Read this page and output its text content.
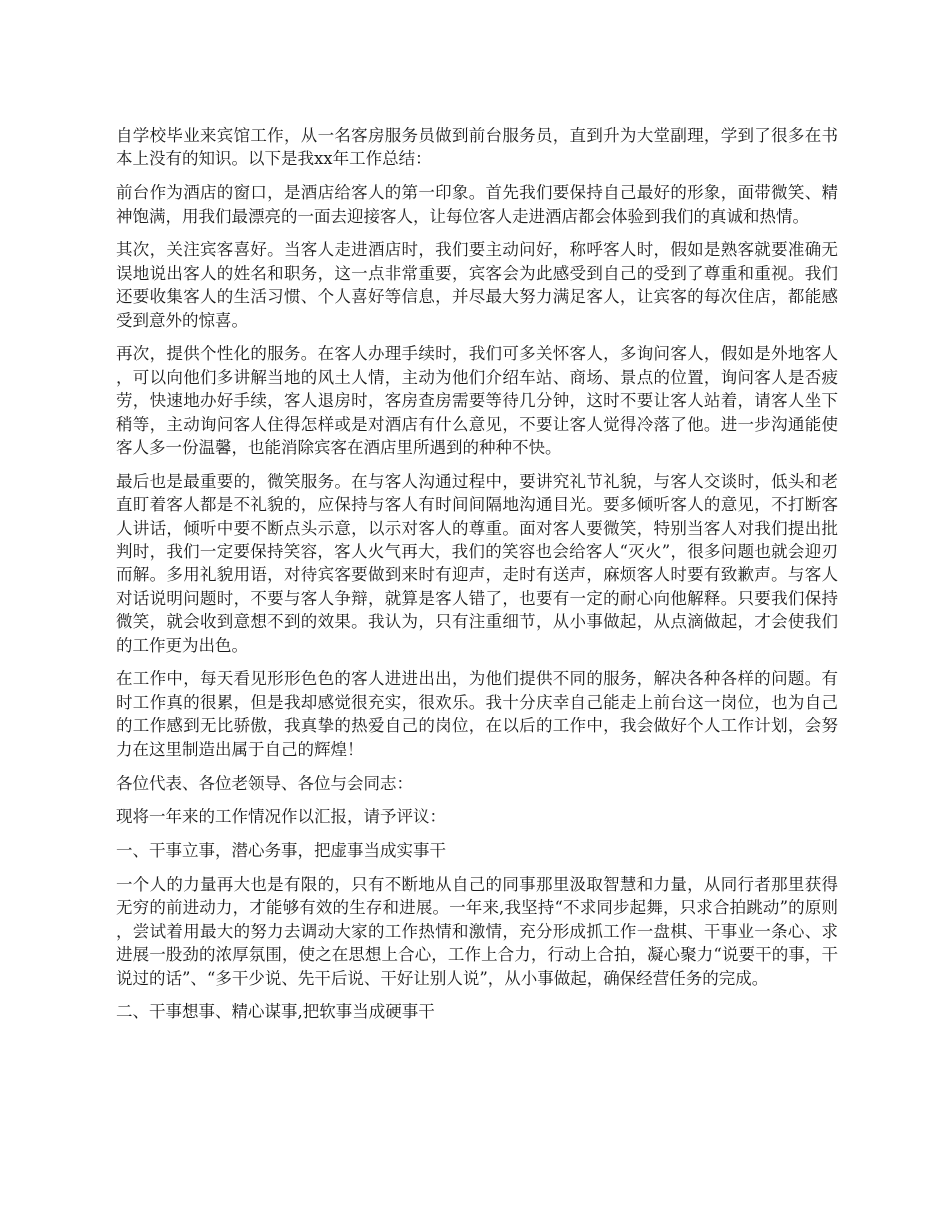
自学校毕业来宾馆工作，从一名客房服务员做到前台服务员，直到升为大堂副理，学到了很多在书本上没有的知识。以下是我xx年工作总结：

前台作为酒店的窗口，是酒店给客人的第一印象。首先我们要保持自己最好的形象，面带微笑、精神饱满，用我们最漂亮的一面去迎接客人，让每位客人走进酒店都会体验到我们的真诚和热情。

其次，关注宾客喜好。当客人走进酒店时，我们要主动问好，称呼客人时，假如是熟客就要准确无误地说出客人的姓名和职务，这一点非常重要，宾客会为此感受到自己的受到了尊重和重视。我们还要收集客人的生活习惯、个人喜好等信息，并尽最大努力满足客人，让宾客的每次住店，都能感受到意外的惊喜。

再次，提供个性化的服务。在客人办理手续时，我们可多关怀客人，多询问客人，假如是外地客人，可以向他们多讲解当地的风土人情，主动为他们介绍车站、商场、景点的位置，询问客人是否疲劳，快速地办好手续，客人退房时，客房查房需要等待几分钟，这时不要让客人站着，请客人坐下稍等，主动询问客人住得怎样或是对酒店有什么意见，不要让客人觉得冷落了他。进一步沟通能使客人多一份温馨，也能消除宾客在酒店里所遇到的种种不快。

最后也是最重要的，微笑服务。在与客人沟通过程中，要讲究礼节礼貌，与客人交谈时，低头和老直盯着客人都是不礼貌的，应保持与客人有时间间隔地沟通目光。要多倾听客人的意见，不打断客人讲话，倾听中要不断点头示意，以示对客人的尊重。面对客人要微笑，特别当客人对我们提出批判时，我们一定要保持笑容，客人火气再大，我们的笑容也会给客人“灭火”，很多问题也就会迎刃而解。多用礼貌用语，对待宾客要做到来时有迎声，走时有送声，麻烦客人时要有致歉声。与客人对话说明问题时，不要与客人争辩，就算是客人错了，也要有一定的耐心向他解释。只要我们保持微笑，就会收到意想不到的效果。我认为，只有注重细节，从小事做起，从点滴做起，才会使我们的工作更为出色。

在工作中，每天看见形形色色的客人进进出出，为他们提供不同的服务，解决各种各样的问题。有时工作真的很累，但是我却感觉很充实，很欢乐。我十分庆幸自己能走上前台这一岗位，也为自己的工作感到无比骄傲，我真挚的热爱自己的岗位，在以后的工作中，我会做好个人工作计划，会努力在这里制造出属于自己的辉煌！

各位代表、各位老领导、各位与会同志：

现将一年来的工作情况作以汇报，请予评议：

一、干事立事，潜心务事，把虚事当成实事干

一个人的力量再大也是有限的，只有不断地从自己的同事那里汲取智慧和力量，从同行者那里获得无穷的前进动力，才能够有效的生存和进展。一年来,我坚持“不求同步起舞，只求合拍跳动”的原则，尝试着用最大的努力去调动大家的工作热情和激情，充分形成抓工作一盘棋、干事业一条心、求进展一股劲的浓厚氛围，使之在思想上合心，工作上合力，行动上合拍，凝心聚力“说要干的事，干说过的话”、“多干少说、先干后说、干好让别人说”，从小事做起，确保经营任务的完成。

二、干事想事、精心谋事,把软事当成硬事干
